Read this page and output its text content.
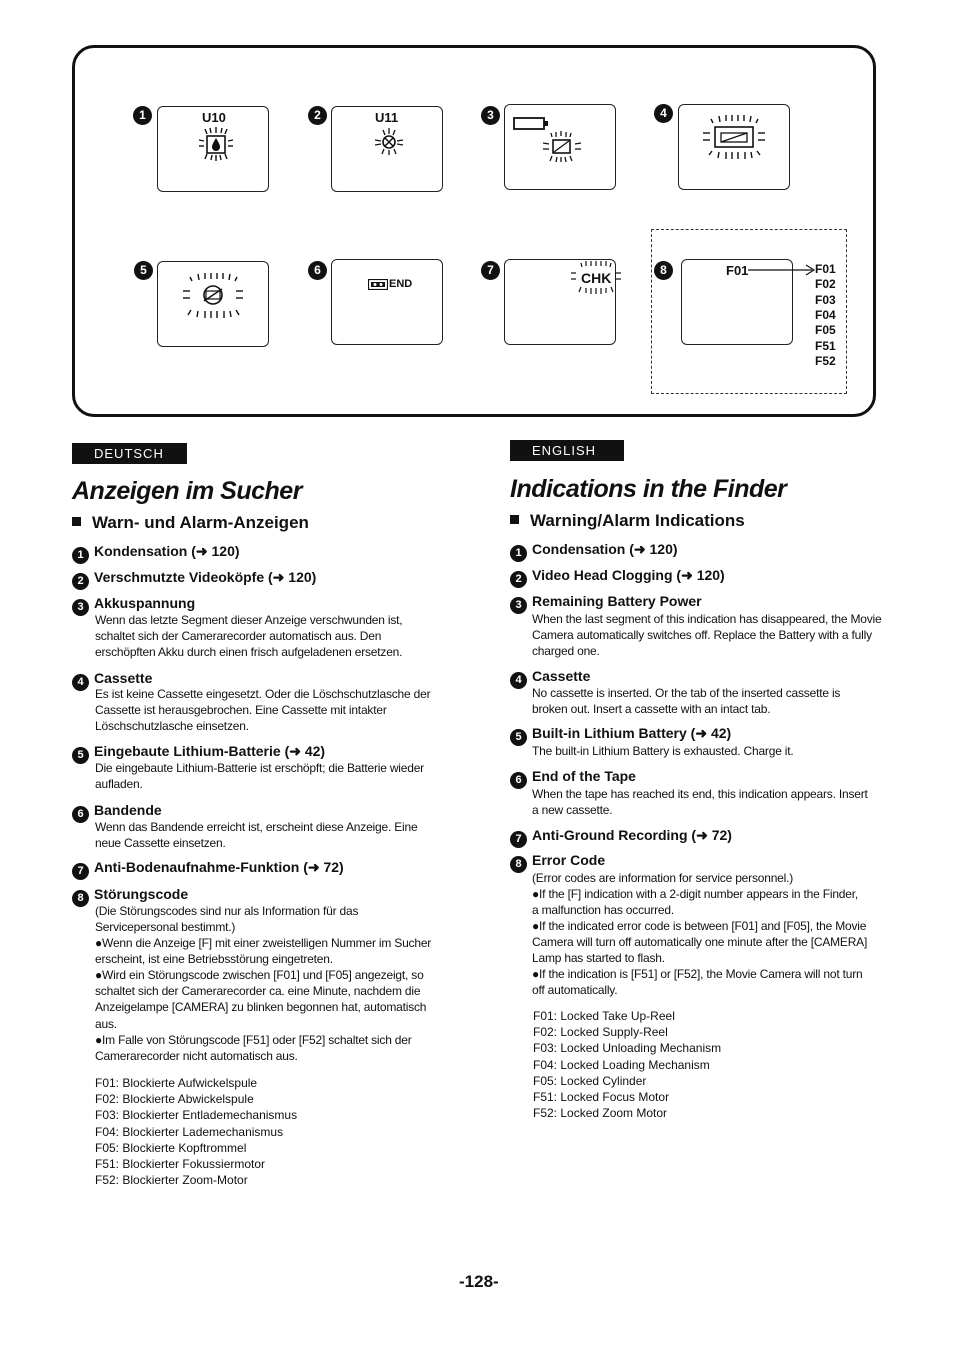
1	U10	2	U11	3	4
5	6
END
7	CHK	8	F01	F01
F02
F03
F04
F05
F51
F52
DEUTSCH	ENGLISH
Anzeigen im Sucher
Warn- und Alarm-Anzeigen
1 Kondensation (➜ 120)
2 Verschmutzte Videoköpfe (➜ 120)
3 Akkuspannung
Wenn das letzte Segment dieser Anzeige verschwunden ist, schaltet sich der Camerarecorder automatisch aus. Den erschöpften Akku durch einen frisch aufgeladenen ersetzen.
4 Cassette
Es ist keine Cassette eingesetzt. Oder die Löschschutzlasche der Cassette ist herausgebrochen. Eine Cassette mit intakter Löschschutzlasche einsetzen.
5 Eingebaute Lithium-Batterie (➜ 42)
Die eingebaute Lithium-Batterie ist erschöpft; die Batterie wieder aufladen.
6 Bandende
Wenn das Bandende erreicht ist, erscheint diese Anzeige. Eine neue Cassette einsetzen.
7 Anti-Bodenaufnahme-Funktion (➜ 72)
8 Störungscode
(Die Störungscodes sind nur als Information für das Servicepersonal bestimmt.)
●Wenn die Anzeige [F] mit einer zweistelligen Nummer im Sucher erscheint, ist eine Betriebsstörung eingetreten.
●Wird ein Störungscode zwischen [F01] und [F05] angezeigt, so schaltet sich der Camerarecorder ca. eine Minute, nachdem die Anzeigelampe [CAMERA] zu blinken begonnen hat, automatisch aus.
●Im Falle von Störungscode [F51] oder [F52] schaltet sich der Camerarecorder nicht automatisch aus.
F01: Blockierte Aufwickelspule
F02: Blockierte Abwickelspule
F03: Blockierter Entlademechanismus
F04: Blockierter Lademechanismus
F05: Blockierte Kopftrommel
F51: Blockierter Fokussiermotor
F52: Blockierter Zoom-Motor
Indications in the Finder
Warning/Alarm Indications
1 Condensation (➜ 120)
2 Video Head Clogging (➜ 120)
3 Remaining Battery Power
When the last segment of this indication has disappeared, the Movie Camera automatically switches off. Replace the Battery with a fully charged one.
4 Cassette
No cassette is inserted. Or the tab of the inserted cassette is broken out. Insert a cassette with an intact tab.
5 Built-in Lithium Battery (➜ 42)
The built-in Lithium Battery is exhausted. Charge it.
6 End of the Tape
When the tape has reached its end, this indication appears. Insert a new cassette.
7 Anti-Ground Recording (➜ 72)
8 Error Code
(Error codes are information for service personnel.)
●If the [F] indication with a 2-digit number appears in the Finder, a malfunction has occurred.
●If the indicated error code is between [F01] and [F05], the Movie Camera will turn off automatically one minute after the [CAMERA] Lamp has started to flash.
●If the indication is [F51] or [F52], the Movie Camera will not turn off automatically.
F01: Locked Take Up-Reel
F02: Locked Supply-Reel
F03: Locked Unloading Mechanism
F04: Locked Loading Mechanism
F05: Locked Cylinder
F51: Locked Focus Motor
F52: Locked Zoom Motor
-128-
